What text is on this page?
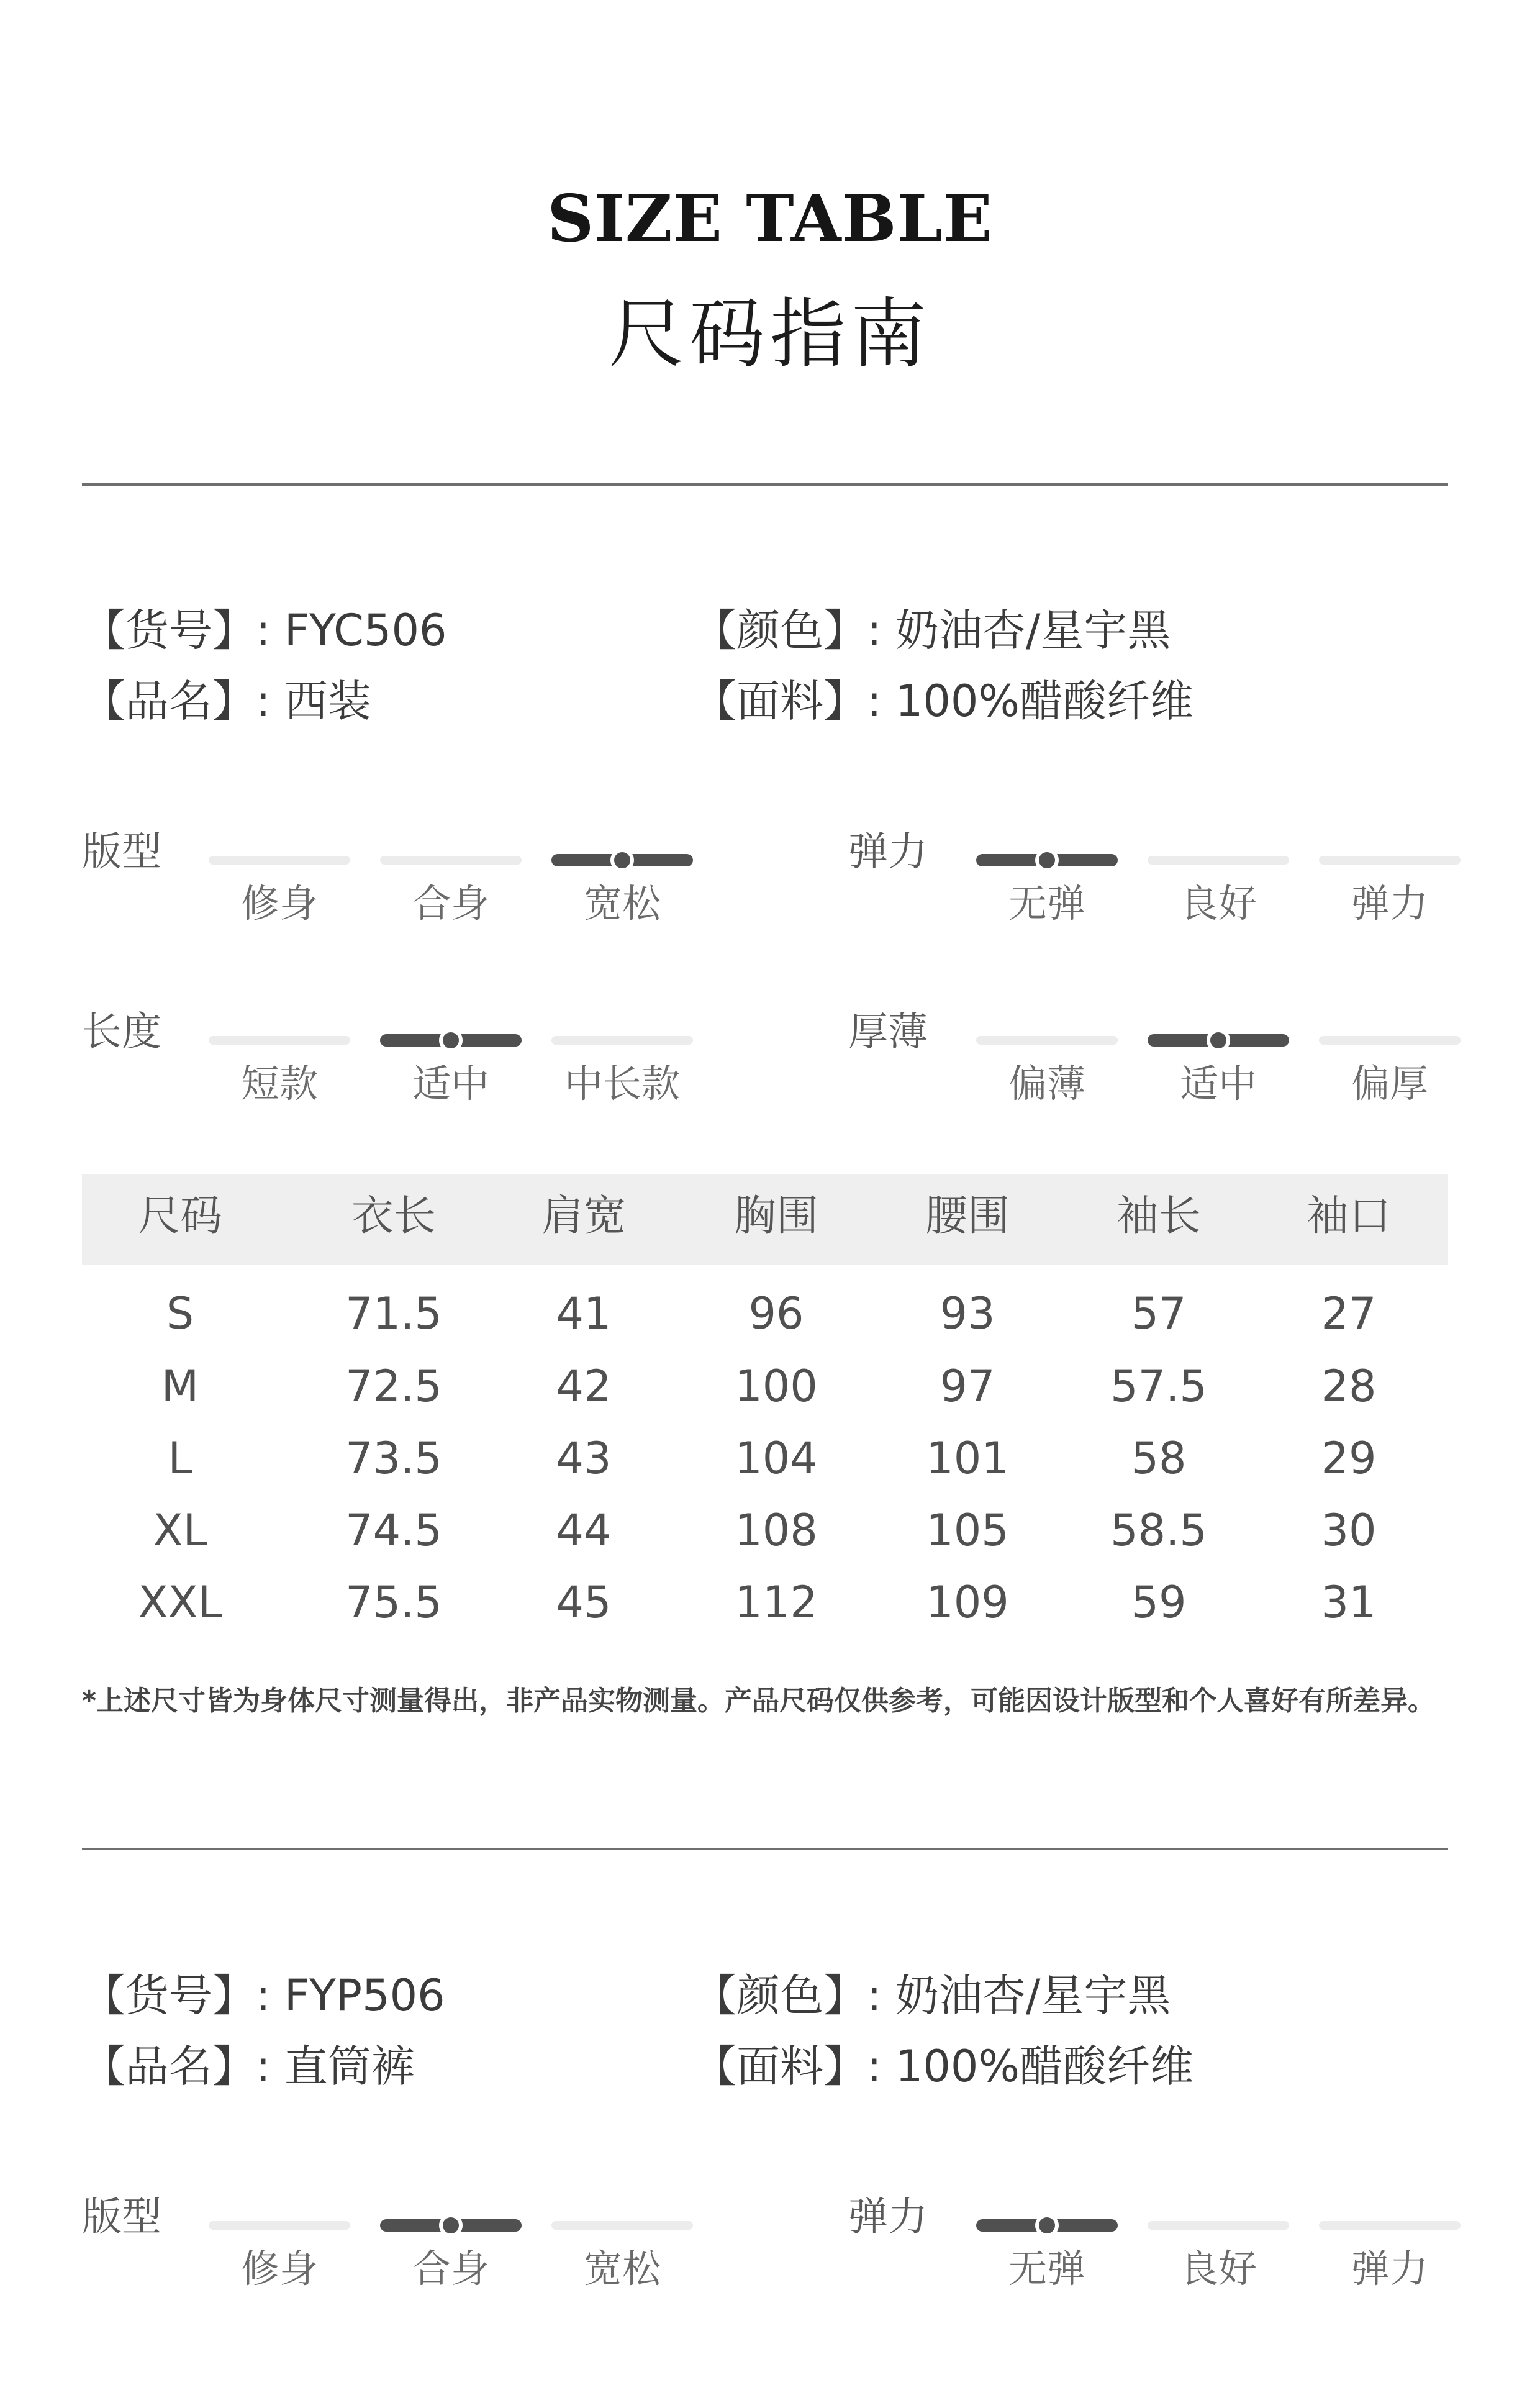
SIZE TABLE
尺码指南
【货号】: FYC506
【品名】: 西装
【颜色】: 奶油杏/星宇黑
【面料】: 100%醋酸纤维
版型
修身	合身	宽松
弹力
无弹	良好	弹力
长度
短款	适中	中长款
厚薄
偏薄	适中	偏厚
尺码	衣长	肩宽	胸围	腰围	袖长	袖口
S	71.5	41	96	93	57	27
M	72.5	42	100	97	57.5	28
L	73.5	43	104	101	58	29
XL	74.5	44	108	105	58.5	30
XXL	75.5	45	112	109	59	31
*上述尺寸皆为身体尺寸测量得出，非产品实物测量。产品尺码仅供参考，可能因设计版型和个人喜好有所差异。
【货号】: FYP506
【品名】: 直筒裤
【颜色】: 奶油杏/星宇黑
【面料】: 100%醋酸纤维
版型
修身	合身	宽松
弹力
无弹	良好	弹力
